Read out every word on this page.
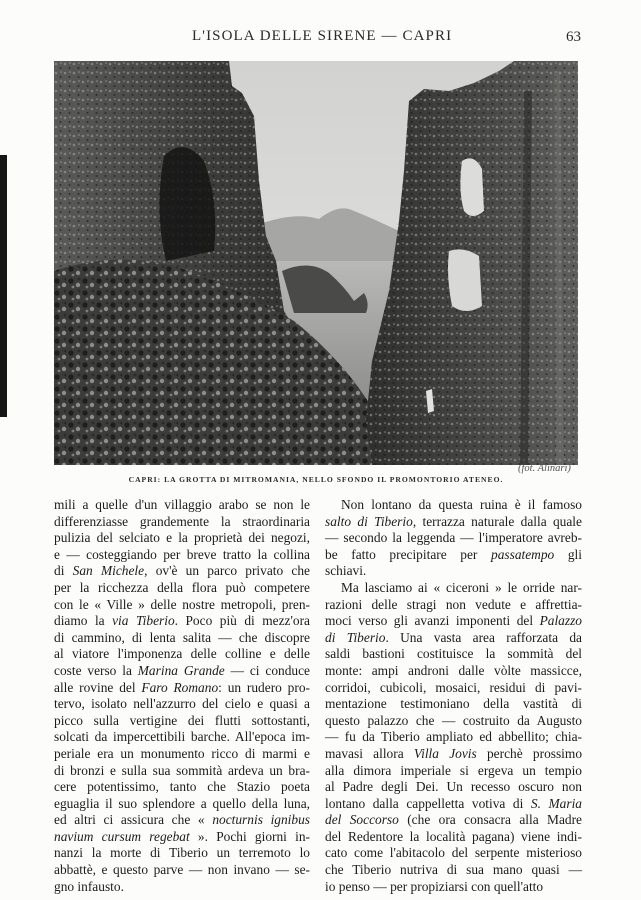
L'ISOLA DELLE SIRENE — CAPRI	63
(fot. Alinari)
CAPRI: LA GROTTA DI MITROMANIA, NELLO SFONDO IL PROMONTORIO ATENEO.

mili a quelle d'un villaggio arabo se non le
differenziasse grandemente la straordinaria
pulizia del selciato e la proprietà dei negozi,
e — costeggiando per breve tratto la collina
di San Michele, ov'è un parco privato che
per la ricchezza della flora può competere
con le « Ville » delle nostre metropoli, pren-
diamo la via Tiberio. Poco più di mezz'ora
di cammino, di lenta salita — che discopre
al viatore l'imponenza delle colline e delle
coste verso la Marina Grande — ci conduce
alle rovine del Faro Romano: un rudero pro-
tervo, isolato nell'azzurro del cielo e quasi a
picco sulla vertigine dei flutti sottostanti,
solcati da impercettibili barche. All'epoca im-
periale era un monumento ricco di marmi e
di bronzi e sulla sua sommità ardeva un bra-
cere potentissimo, tanto che Stazio poeta
eguaglia il suo splendore a quello della luna,
ed altri ci assicura che « nocturnis ignibus
navium cursum regebat ». Pochi giorni in-
nanzi la morte di Tiberio un terremoto lo
abbattè, e questo parve — non invano — se-
gno infausto.

Non lontano da questa ruina è il famoso
salto di Tiberio, terrazza naturale dalla quale
— secondo la leggenda — l'imperatore avreb-
be fatto precipitare per passatempo gli
schiavi.

Ma lasciamo ai « ciceroni » le orride nar-
razioni delle stragi non vedute e affrettia-
moci verso gli avanzi imponenti del Palazzo
di Tiberio. Una vasta area rafforzata da
saldi bastioni costituisce la sommità del
monte: ampi androni dalle vòlte massicce,
corridoi, cubicoli, mosaici, residui di pavi-
mentazione testimoniano della vastità di
questo palazzo che — costruito da Augusto
— fu da Tiberio ampliato ed abbellito; chia-
mavasi allora Villa Jovis perchè prossimo
alla dimora imperiale si ergeva un tempio
al Padre degli Dei. Un recesso oscuro non
lontano dalla cappelletta votiva di S. Maria
del Soccorso (che ora consacra alla Madre
del Redentore la località pagana) viene indi-
cato come l'abitacolo del serpente misterioso
che Tiberio nutriva di sua mano quasi —
io penso — per propiziarsi con quell'atto
